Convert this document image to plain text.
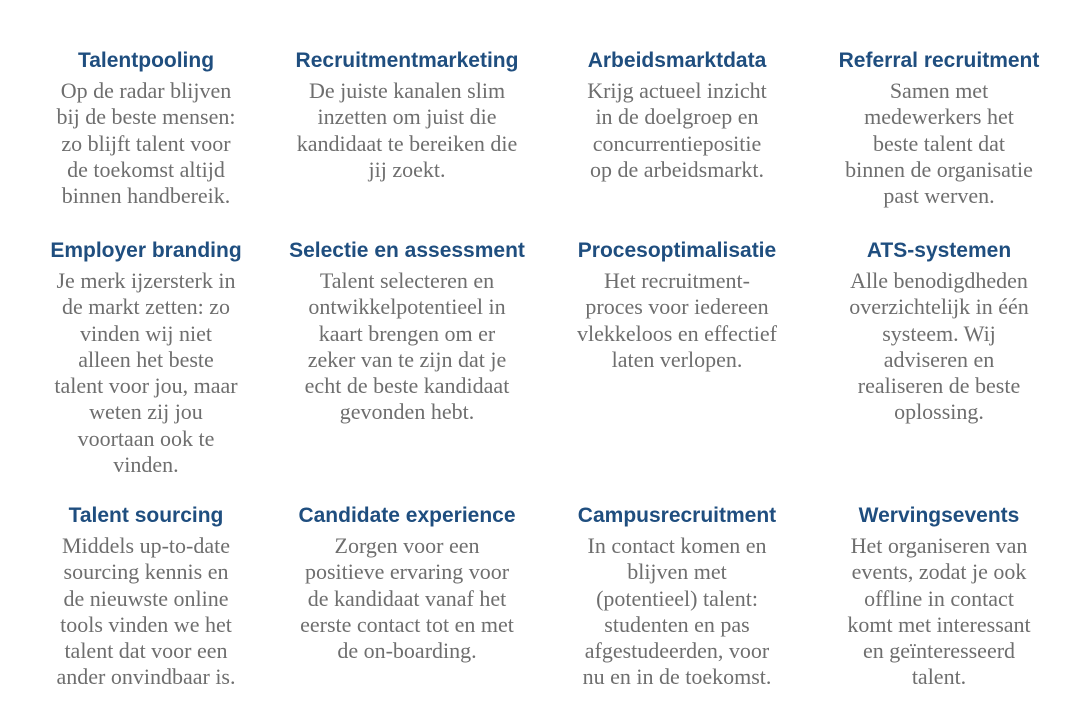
Talentpooling
Op de radar blijven
bij de beste mensen:
zo blijft talent voor
de toekomst altijd
binnen handbereik.
Recruitmentmarketing
De juiste kanalen slim
inzetten om juist die
kandidaat te bereiken die
jij zoekt.
Arbeidsmarktdata
Krijg actueel inzicht
in de doelgroep en
concurrentiepositie
op de arbeidsmarkt.
Referral recruitment
Samen met
medewerkers het
beste talent dat
binnen de organisatie
past werven.
Employer branding
Je merk ijzersterk in
de markt zetten: zo
vinden wij niet
alleen het beste
talent voor jou, maar
weten zij jou
voortaan ook te
vinden.
Selectie en assessment
Talent selecteren en
ontwikkelpotentieel in
kaart brengen om er
zeker van te zijn dat je
echt de beste kandidaat
gevonden hebt.
Procesoptimalisatie
Het recruitment-
proces voor iedereen
vlekkeloos en effectief
laten verlopen.
ATS-systemen
Alle benodigdheden
overzichtelijk in één
systeem. Wij
adviseren en
realiseren de beste
oplossing.
Talent sourcing
Middels up-to-date
sourcing kennis en
de nieuwste online
tools vinden we het
talent dat voor een
ander onvindbaar is.
Candidate experience
Zorgen voor een
positieve ervaring voor
de kandidaat vanaf het
eerste contact tot en met
de on-boarding.
Campusrecruitment
In contact komen en
blijven met
(potentieel) talent:
studenten en pas
afgestudeerden, voor
nu en in de toekomst.
Wervingsevents
Het organiseren van
events, zodat je ook
offline in contact
komt met interessant
en geïnteresseerd
talent.
